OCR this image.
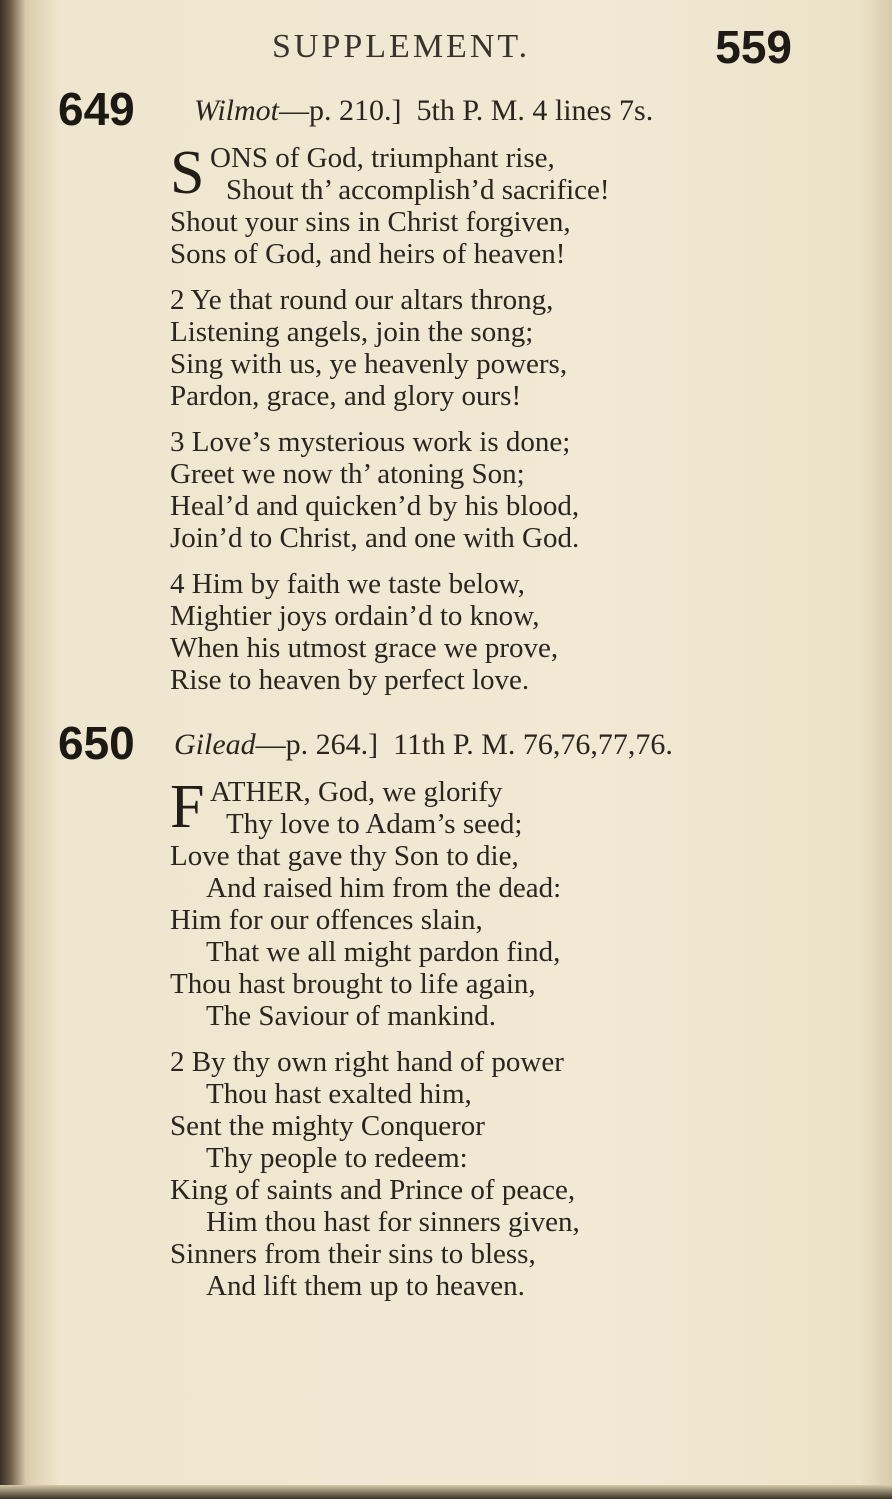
SUPPLEMENT.	559
649 Wilmot—p. 210.] 5th P. M. 4 lines 7s.
S ONS of God, triumphant rise,
Shout th’ accomplish’d sacrifice!
Shout your sins in Christ forgiven,
Sons of God, and heirs of heaven!
2 Ye that round our altars throng,
Listening angels, join the song;
Sing with us, ye heavenly powers,
Pardon, grace, and glory ours!
3 Love’s mysterious work is done;
Greet we now th’ atoning Son;
Heal’d and quicken’d by his blood,
Join’d to Christ, and one with God.
4 Him by faith we taste below,
Mightier joys ordain’d to know,
When his utmost grace we prove,
Rise to heaven by perfect love.
650 Gilead—p. 264.] 11th P. M. 76,76,77,76.
F ATHER, God, we glorify
Thy love to Adam’s seed;
Love that gave thy Son to die,
And raised him from the dead:
Him for our offences slain,
That we all might pardon find,
Thou hast brought to life again,
The Saviour of mankind.
2 By thy own right hand of power
Thou hast exalted him,
Sent the mighty Conqueror
Thy people to redeem:
King of saints and Prince of peace,
Him thou hast for sinners given,
Sinners from their sins to bless,
And lift them up to heaven.
